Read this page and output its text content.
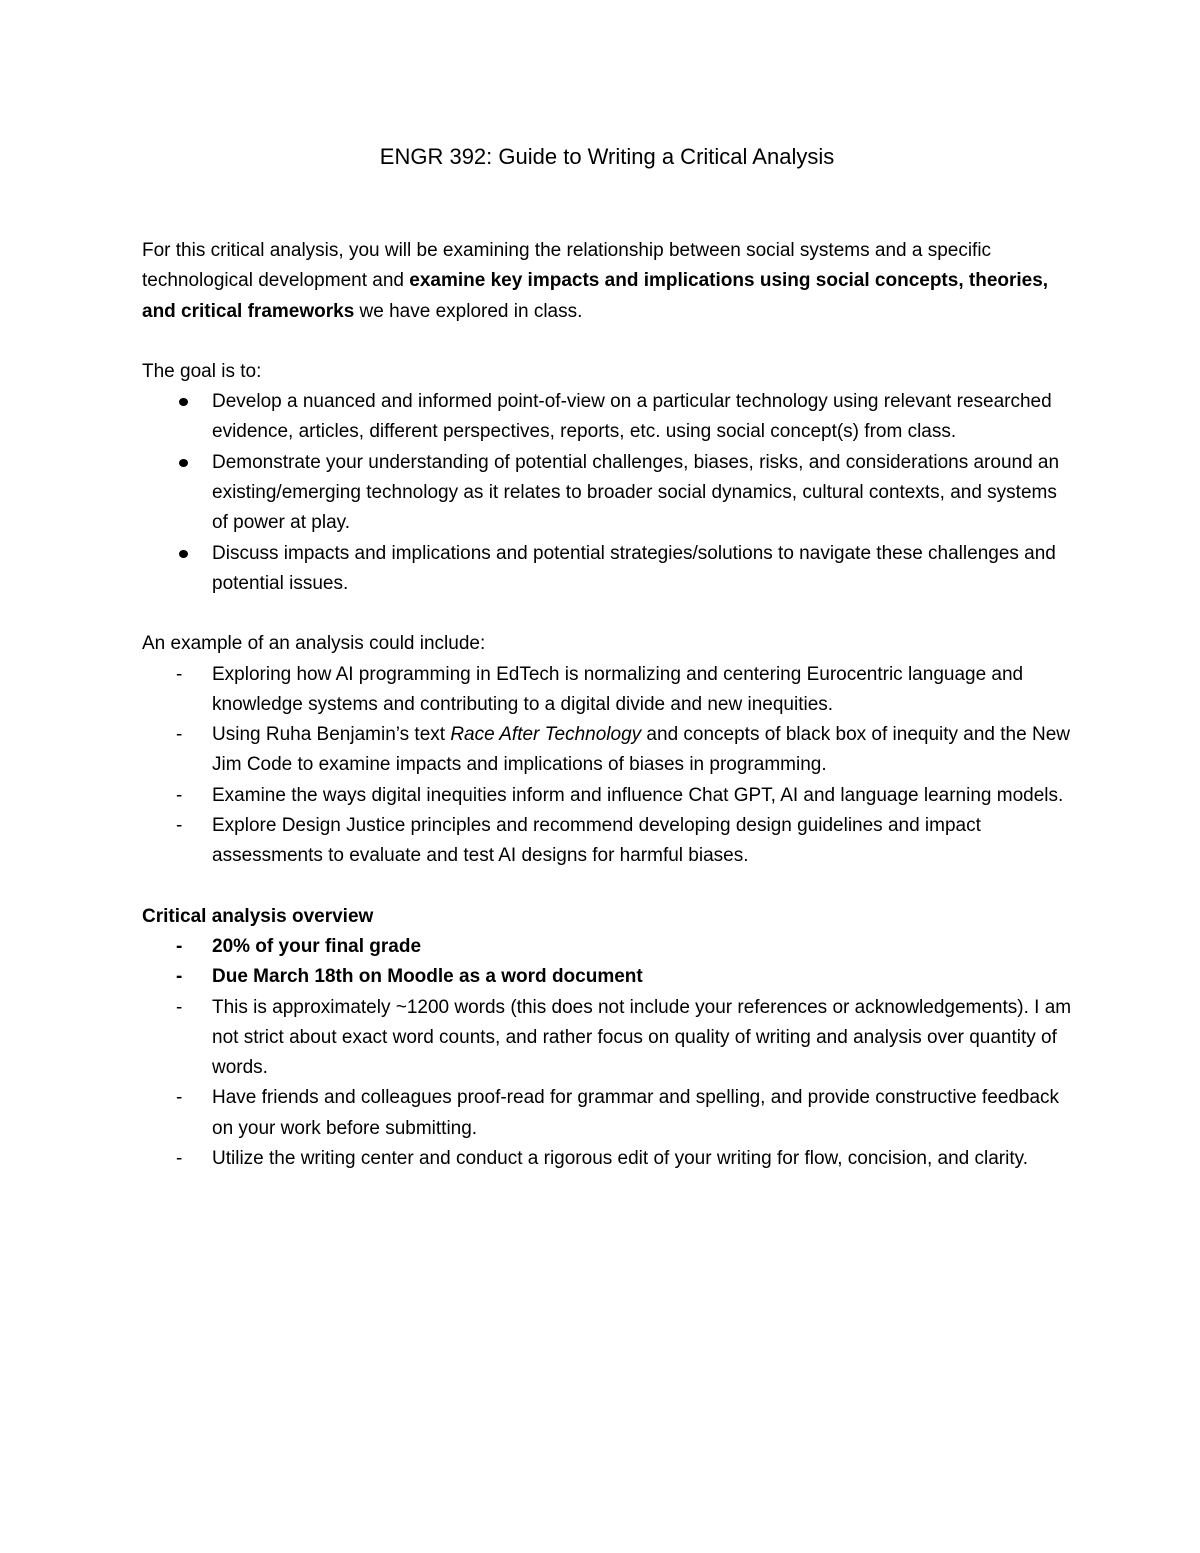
ENGR 392: Guide to Writing a Critical Analysis

For this critical analysis, you will be examining the relationship between social systems and a specific technological development and examine key impacts and implications using social concepts, theories, and critical frameworks we have explored in class.

The goal is to:

Develop a nuanced and informed point-of-view on a particular technology using relevant researched evidence, articles, different perspectives, reports, etc. using social concept(s) from class.
Demonstrate your understanding of potential challenges, biases, risks, and considerations around an existing/emerging technology as it relates to broader social dynamics, cultural contexts, and systems of power at play.
Discuss impacts and implications and potential strategies/solutions to navigate these challenges and potential issues.

An example of an analysis could include:

- Exploring how AI programming in EdTech is normalizing and centering Eurocentric language and knowledge systems and contributing to a digital divide and new inequities.
- Using Ruha Benjamin’s text Race After Technology and concepts of black box of inequity and the New Jim Code to examine impacts and implications of biases in programming.
- Examine the ways digital inequities inform and influence Chat GPT, AI and language learning models.
- Explore Design Justice principles and recommend developing design guidelines and impact assessments to evaluate and test AI designs for harmful biases.

Critical analysis overview

- 20% of your final grade
- Due March 18th on Moodle as a word document
- This is approximately ~1200 words (this does not include your references or acknowledgements). I am not strict about exact word counts, and rather focus on quality of writing and analysis over quantity of words.
- Have friends and colleagues proof-read for grammar and spelling, and provide constructive feedback on your work before submitting.
- Utilize the writing center and conduct a rigorous edit of your writing for flow, concision, and clarity.
